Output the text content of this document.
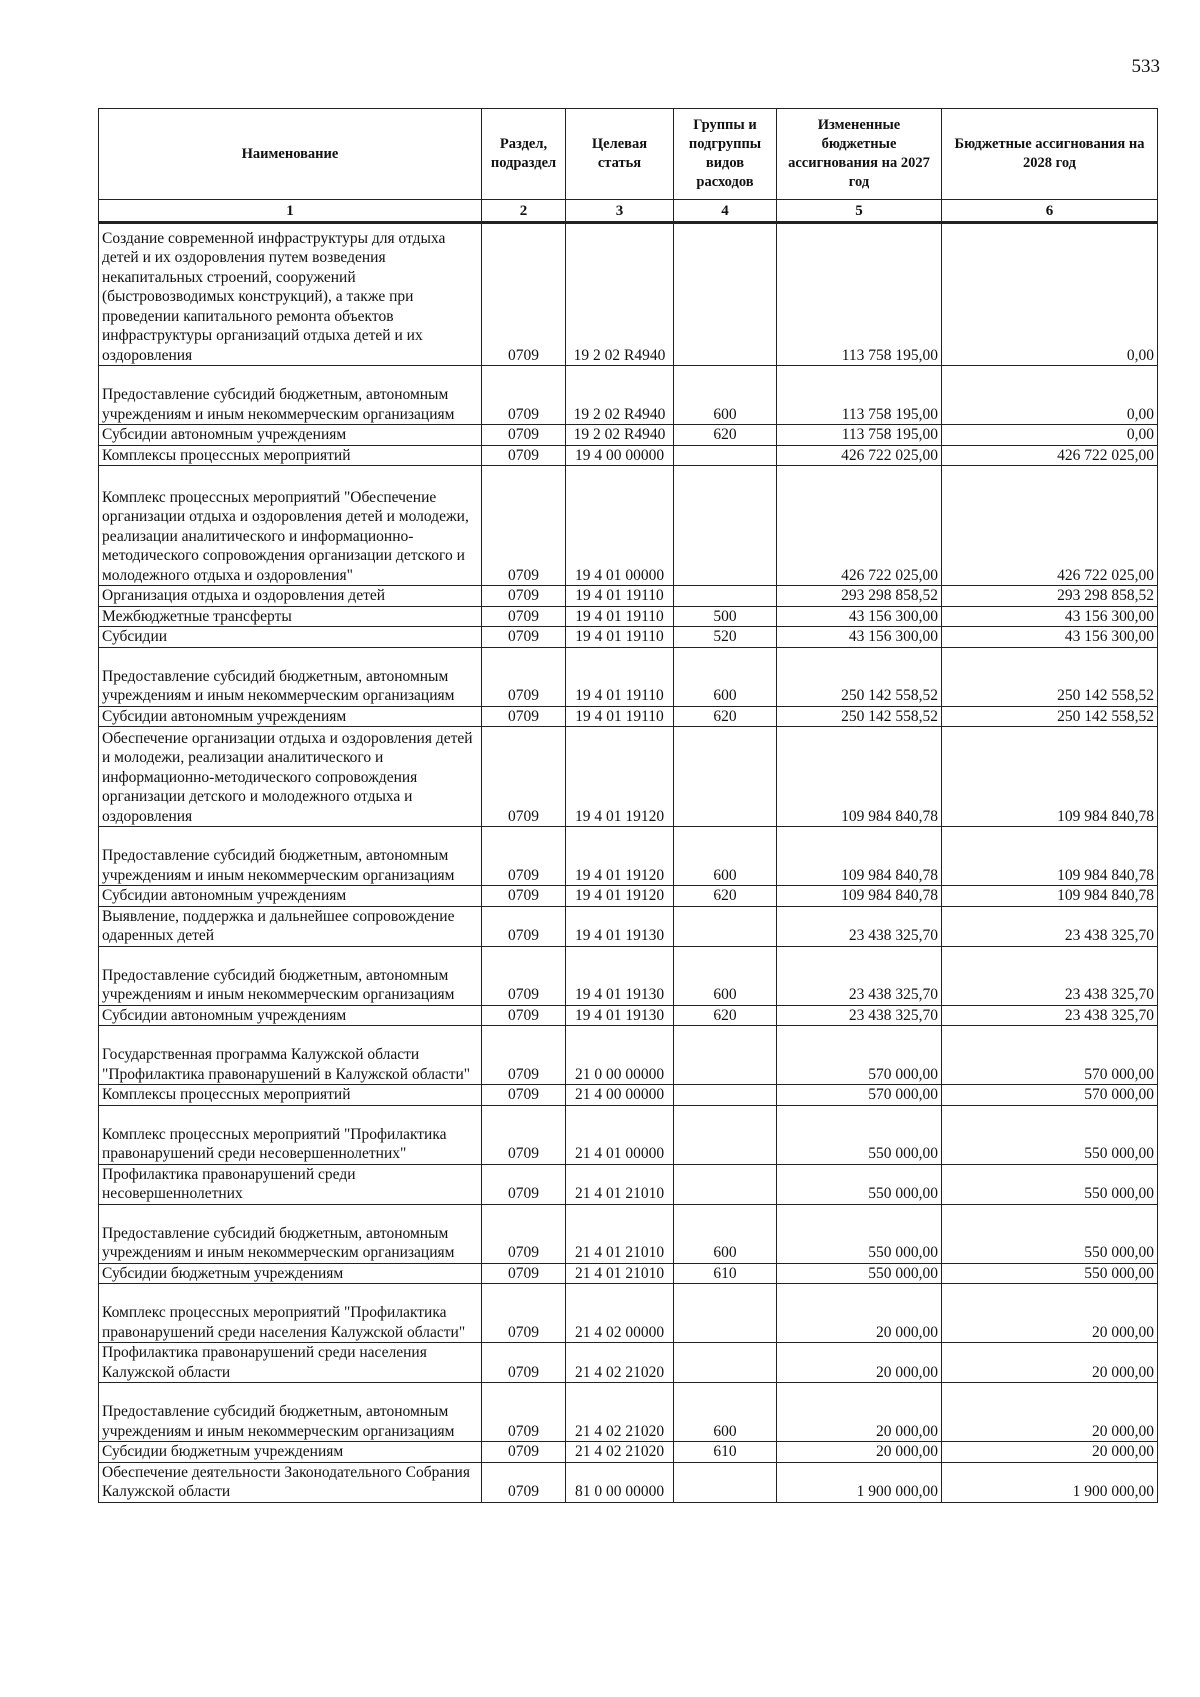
533
Наименование	Раздел, подраздел	Целевая статья	Группы и подгруппы видов расходов	Измененные бюджетные ассигнования на 2027 год	Бюджетные ассигнования на 2028 год
1	2	3	4	5	6
Создание современной инфраструктуры для отдыха детей и их оздоровления путем возведения некапитальных строений, сооружений (быстровозводимых конструкций), а также при проведении капитального ремонта объектов инфраструктуры организаций отдыха детей и их оздоровления	0709	19 2 02 R4940		113 758 195,00	0,00
Предоставление субсидий бюджетным, автономным учреждениям и иным некоммерческим организациям	0709	19 2 02 R4940	600	113 758 195,00	0,00
Субсидии автономным учреждениям	0709	19 2 02 R4940	620	113 758 195,00	0,00
Комплексы процессных мероприятий	0709	19 4 00 00000		426 722 025,00	426 722 025,00
Комплекс процессных мероприятий "Обеспечение организации отдыха и оздоровления детей и молодежи, реализации аналитического и информационно-методического сопровождения организации детского и молодежного отдыха и оздоровления"	0709	19 4 01 00000		426 722 025,00	426 722 025,00
Организация отдыха и оздоровления детей	0709	19 4 01 19110		293 298 858,52	293 298 858,52
Межбюджетные трансферты	0709	19 4 01 19110	500	43 156 300,00	43 156 300,00
Субсидии	0709	19 4 01 19110	520	43 156 300,00	43 156 300,00
Предоставление субсидий бюджетным, автономным учреждениям и иным некоммерческим организациям	0709	19 4 01 19110	600	250 142 558,52	250 142 558,52
Субсидии автономным учреждениям	0709	19 4 01 19110	620	250 142 558,52	250 142 558,52
Обеспечение организации отдыха и оздоровления детей и молодежи, реализации аналитического и информационно-методического сопровождения организации детского и молодежного отдыха и оздоровления	0709	19 4 01 19120		109 984 840,78	109 984 840,78
Предоставление субсидий бюджетным, автономным учреждениям и иным некоммерческим организациям	0709	19 4 01 19120	600	109 984 840,78	109 984 840,78
Субсидии автономным учреждениям	0709	19 4 01 19120	620	109 984 840,78	109 984 840,78
Выявление, поддержка и дальнейшее сопровождение одаренных детей	0709	19 4 01 19130		23 438 325,70	23 438 325,70
Предоставление субсидий бюджетным, автономным учреждениям и иным некоммерческим организациям	0709	19 4 01 19130	600	23 438 325,70	23 438 325,70
Субсидии автономным учреждениям	0709	19 4 01 19130	620	23 438 325,70	23 438 325,70
Государственная программа Калужской области "Профилактика правонарушений в Калужской области"	0709	21 0 00 00000		570 000,00	570 000,00
Комплексы процессных мероприятий	0709	21 4 00 00000		570 000,00	570 000,00
Комплекс процессных мероприятий "Профилактика правонарушений среди несовершеннолетних"	0709	21 4 01 00000		550 000,00	550 000,00
Профилактика правонарушений среди несовершеннолетних	0709	21 4 01 21010		550 000,00	550 000,00
Предоставление субсидий бюджетным, автономным учреждениям и иным некоммерческим организациям	0709	21 4 01 21010	600	550 000,00	550 000,00
Субсидии бюджетным учреждениям	0709	21 4 01 21010	610	550 000,00	550 000,00
Комплекс процессных мероприятий "Профилактика правонарушений среди населения Калужской области"	0709	21 4 02 00000		20 000,00	20 000,00
Профилактика правонарушений среди населения Калужской области	0709	21 4 02 21020		20 000,00	20 000,00
Предоставление субсидий бюджетным, автономным учреждениям и иным некоммерческим организациям	0709	21 4 02 21020	600	20 000,00	20 000,00
Субсидии бюджетным учреждениям	0709	21 4 02 21020	610	20 000,00	20 000,00
Обеспечение деятельности Законодательного Собрания Калужской области	0709	81 0 00 00000		1 900 000,00	1 900 000,00
